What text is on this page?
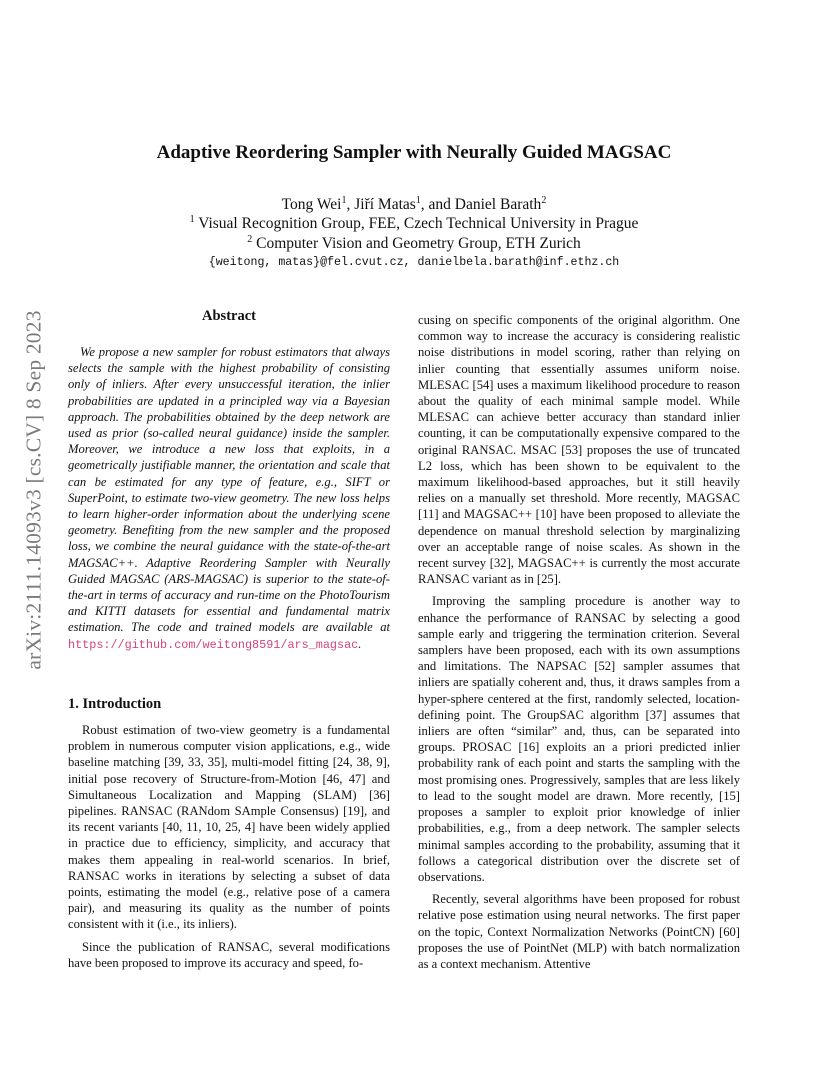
arXiv:2111.14093v3 [cs.CV] 8 Sep 2023
Adaptive Reordering Sampler with Neurally Guided MAGSAC
Tong Wei$^1$, Jiří Matas$^1$, and Daniel Barath$^2$
$^1$ Visual Recognition Group, FEE, Czech Technical University in Prague
$^2$ Computer Vision and Geometry Group, ETH Zurich
{weitong, matas}@fel.cvut.cz, danielbela.barath@inf.ethz.ch
Abstract
We propose a new sampler for robust estimators that always selects the sample with the highest probability of consisting only of inliers. After every unsuccessful iteration, the inlier probabilities are updated in a principled way via a Bayesian approach. The probabilities obtained by the deep network are used as prior (so-called neural guidance) inside the sampler. Moreover, we introduce a new loss that exploits, in a geometrically justifiable manner, the orientation and scale that can be estimated for any type of feature, e.g., SIFT or SuperPoint, to estimate two-view geometry. The new loss helps to learn higher-order information about the underlying scene geometry. Benefiting from the new sampler and the proposed loss, we combine the neural guidance with the state-of-the-art MAGSAC++. Adaptive Reordering Sampler with Neurally Guided MAGSAC (ARS-MAGSAC) is superior to the state-of-the-art in terms of accuracy and run-time on the PhotoTourism and KITTI datasets for essential and fundamental matrix estimation. The code and trained models are available at https://github.com/weitong8591/ars_magsac.
1. Introduction

Robust estimation of two-view geometry is a fundamental problem in numerous computer vision applications, e.g., wide baseline matching [39, 33, 35], multi-model fitting [24, 38, 9], initial pose recovery of Structure-from-Motion [46, 47] and Simultaneous Localization and Mapping (SLAM) [36] pipelines. RANSAC (RANdom SAmple Consensus) [19], and its recent variants [40, 11, 10, 25, 4] have been widely applied in practice due to efficiency, simplicity, and accuracy that makes them appealing in real-world scenarios. In brief, RANSAC works in iterations by selecting a subset of data points, estimating the model (e.g., relative pose of a camera pair), and measuring its quality as the number of points consistent with it (i.e., its inliers).

Since the publication of RANSAC, several modifications have been proposed to improve its accuracy and speed, fo-

cusing on specific components of the original algorithm. One common way to increase the accuracy is considering realistic noise distributions in model scoring, rather than relying on inlier counting that essentially assumes uniform noise. MLESAC [54] uses a maximum likelihood procedure to reason about the quality of each minimal sample model. While MLESAC can achieve better accuracy than standard inlier counting, it can be computationally expensive compared to the original RANSAC. MSAC [53] proposes the use of truncated L2 loss, which has been shown to be equivalent to the maximum likelihood-based approaches, but it still heavily relies on a manually set threshold. More recently, MAGSAC [11] and MAGSAC++ [10] have been proposed to alleviate the dependence on manual threshold selection by marginalizing over an acceptable range of noise scales. As shown in the recent survey [32], MAGSAC++ is currently the most accurate RANSAC variant as in [25].

Improving the sampling procedure is another way to enhance the performance of RANSAC by selecting a good sample early and triggering the termination criterion. Several samplers have been proposed, each with its own assumptions and limitations. The NAPSAC [52] sampler assumes that inliers are spatially coherent and, thus, it draws samples from a hyper-sphere centered at the first, randomly selected, location-defining point. The GroupSAC algorithm [37] assumes that inliers are often “similar” and, thus, can be separated into groups. PROSAC [16] exploits an a priori predicted inlier probability rank of each point and starts the sampling with the most promising ones. Progressively, samples that are less likely to lead to the sought model are drawn. More recently, [15] proposes a sampler to exploit prior knowledge of inlier probabilities, e.g., from a deep network. The sampler selects minimal samples according to the probability, assuming that it follows a categorical distribution over the discrete set of observations.

Recently, several algorithms have been proposed for robust relative pose estimation using neural networks. The first paper on the topic, Context Normalization Networks (PointCN) [60] proposes the use of PointNet (MLP) with batch normalization as a context mechanism. Attentive
